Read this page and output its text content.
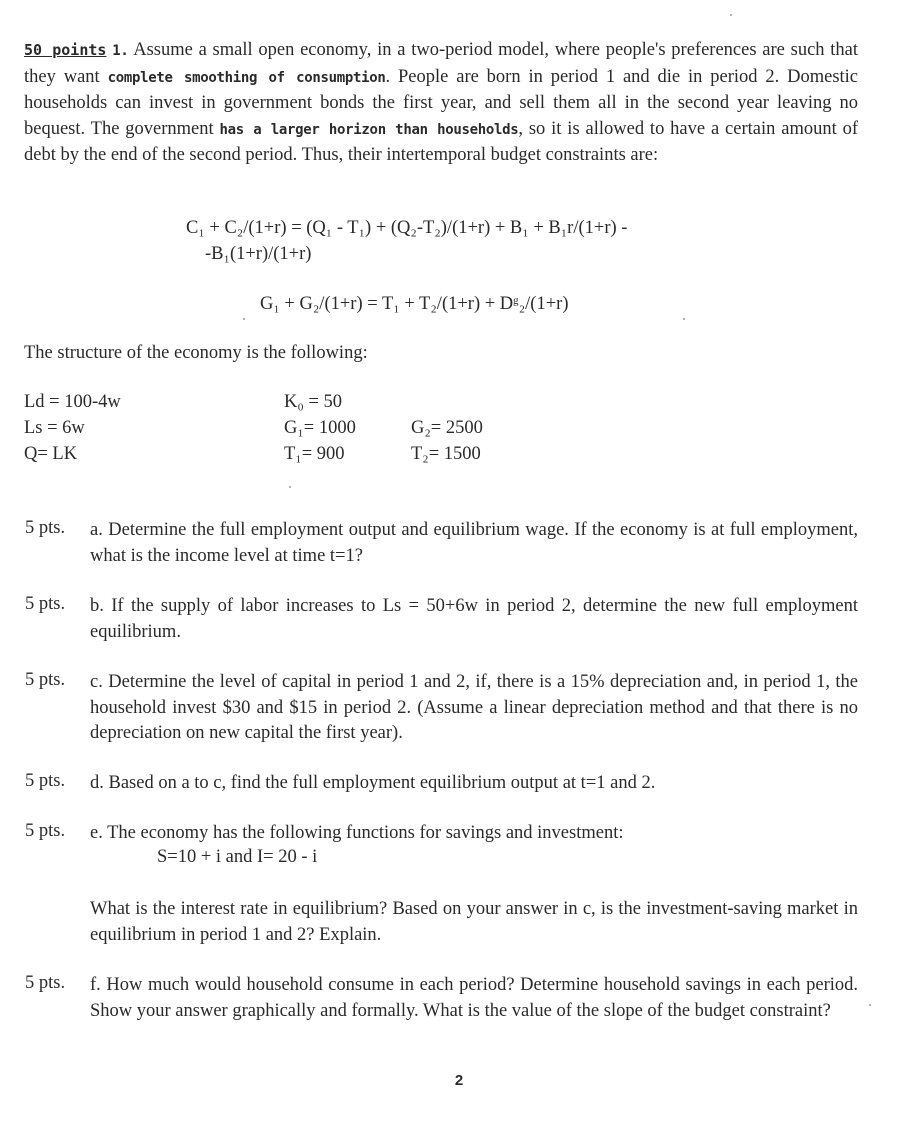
50 points 1. Assume a small open economy, in a two-period model, where people's preferences are such that they want complete smoothing of consumption. People are born in period 1 and die in period 2. Domestic households can invest in government bonds the first year, and sell them all in the second year leaving no bequest. The government has a larger horizon than households, so it is allowed to have a certain amount of debt by the end of the second period. Thus, their intertemporal budget constraints are:
C₁ + C₂/(1+r) = (Q₁ - T₁) + (Q₂-T₂)/(1+r) + B₁ + B₁r/(1+r) -
-B₁(1+r)/(1+r)
G₁ + G₂/(1+r) = T₁ + T₂/(1+r) + Dᵍ₂/(1+r)
The structure of the economy is the following:
Ld = 100-4w
Ls = 6w
Q= LK
K₀ = 50
G₁= 1000
T₁= 900
G₂= 2500
T₂= 1500
5 pts. a. Determine the full employment output and equilibrium wage. If the economy is at full employment, what is the income level at time t=1?
5 pts. b. If the supply of labor increases to Ls = 50+6w in period 2, determine the new full employment equilibrium.
5 pts. c. Determine the level of capital in period 1 and 2, if, there is a 15% depreciation and, in period 1, the household invest $30 and $15 in period 2. (Assume a linear depreciation method and that there is no depreciation on new capital the first year).
5 pts. d. Based on a to c, find the full employment equilibrium output at t=1 and 2.
5 pts. e. The economy has the following functions for savings and investment:
S=10 + i and I= 20 - i
What is the interest rate in equilibrium? Based on your answer in c, is the investment-saving market in equilibrium in period 1 and 2? Explain.
5 pts. f. How much would household consume in each period? Determine household savings in each period. Show your answer graphically and formally. What is the value of the slope of the budget constraint?
2
